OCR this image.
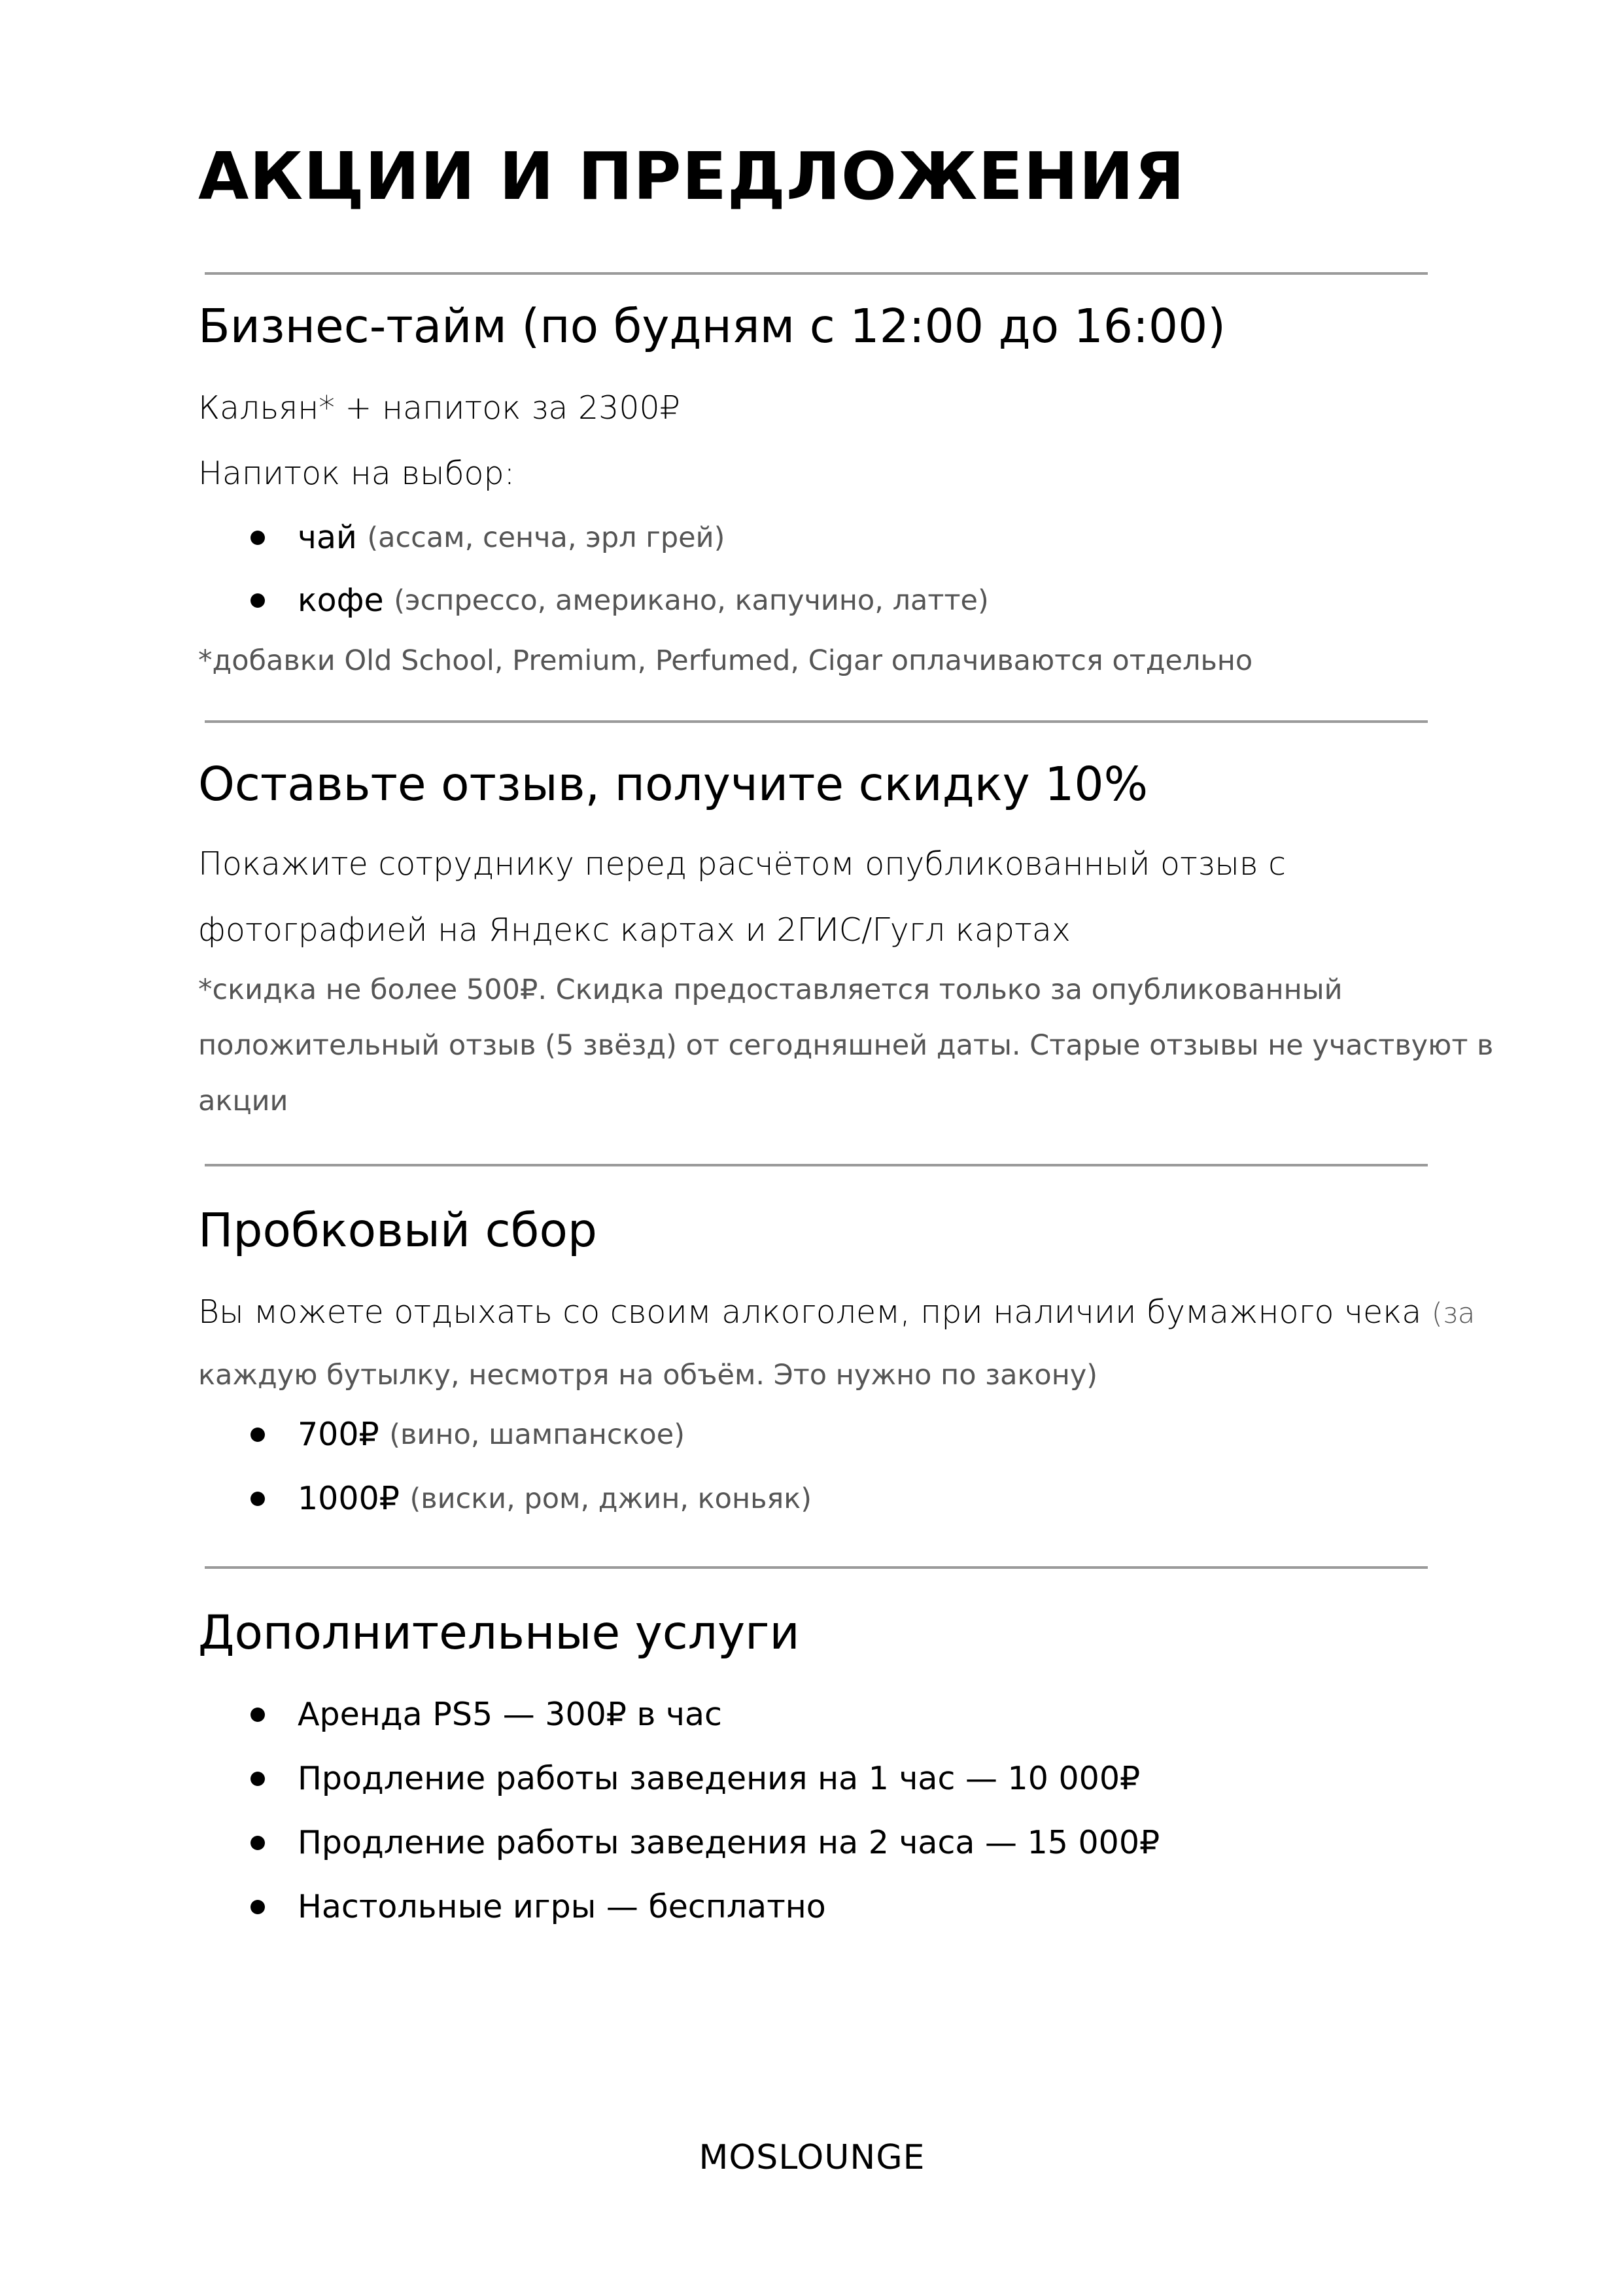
АКЦИИ И ПРЕДЛОЖЕНИЯ
Бизнес-тайм (по будням с 12:00 до 16:00)

Кальян* + напиток за 2300₽

Напиток на выбор:

чай
(ассам, сенча, эрл грей)

кофе
(эспрессо, американо, капучино, латте)

*добавки Old School, Premium, Perfumed, Cigar оплачиваются отдельно

Оставьте отзыв, получите скидку 10%

Покажите сотруднику перед расчётом опубликованный отзыв с

фотографией на Яндекс картах и 2ГИС/Гугл картах

*скидка не более 500₽. Скидка предоставляется только за опубликованный

положительный отзыв (5 звёзд) от сегодняшней даты. Старые отзывы не участвуют в

акции

Пробковый сбор

Вы можете отдыхать со своим алкоголем, при наличии бумажного чека (за

каждую бутылку, несмотря на объём. Это нужно по закону)

700₽
(вино, шампанское)

1000₽
(виски, ром, джин, коньяк)

Дополнительные услуги

Аренда PS5 — 300₽ в час

Продление работы заведения на 1 час — 10 000₽

Продление работы заведения на 2 часа — 15 000₽

Настольные игры — бесплатно

MOSLOUNGE
